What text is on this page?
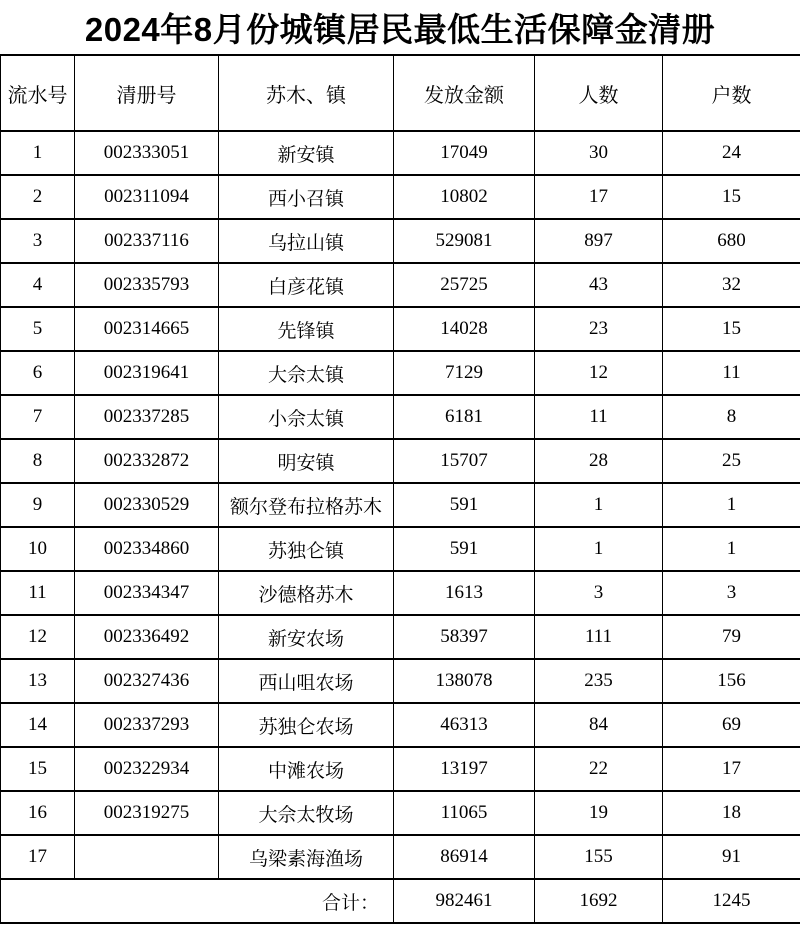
2024年8月份城镇居民最低生活保障金清册
流水号	清册号	苏木、镇	发放金额	人数	户数
1	002333051	新安镇	17049	30	24
2	002311094	西小召镇	10802	17	15
3	002337116	乌拉山镇	529081	897	680
4	002335793	白彦花镇	25725	43	32
5	002314665	先锋镇	14028	23	15
6	002319641	大佘太镇	7129	12	11
7	002337285	小佘太镇	6181	11	8
8	002332872	明安镇	15707	28	25
9	002330529	额尔登布拉格苏木	591	1	1
10	002334860	苏独仑镇	591	1	1
11	002334347	沙德格苏木	1613	3	3
12	002336492	新安农场	58397	111	79
13	002327436	西山咀农场	138078	235	156
14	002337293	苏独仑农场	46313	84	69
15	002322934	中滩农场	13197	22	17
16	002319275	大佘太牧场	11065	19	18
17		乌梁素海渔场	86914	155	91
合计：			982461	1692	1245
